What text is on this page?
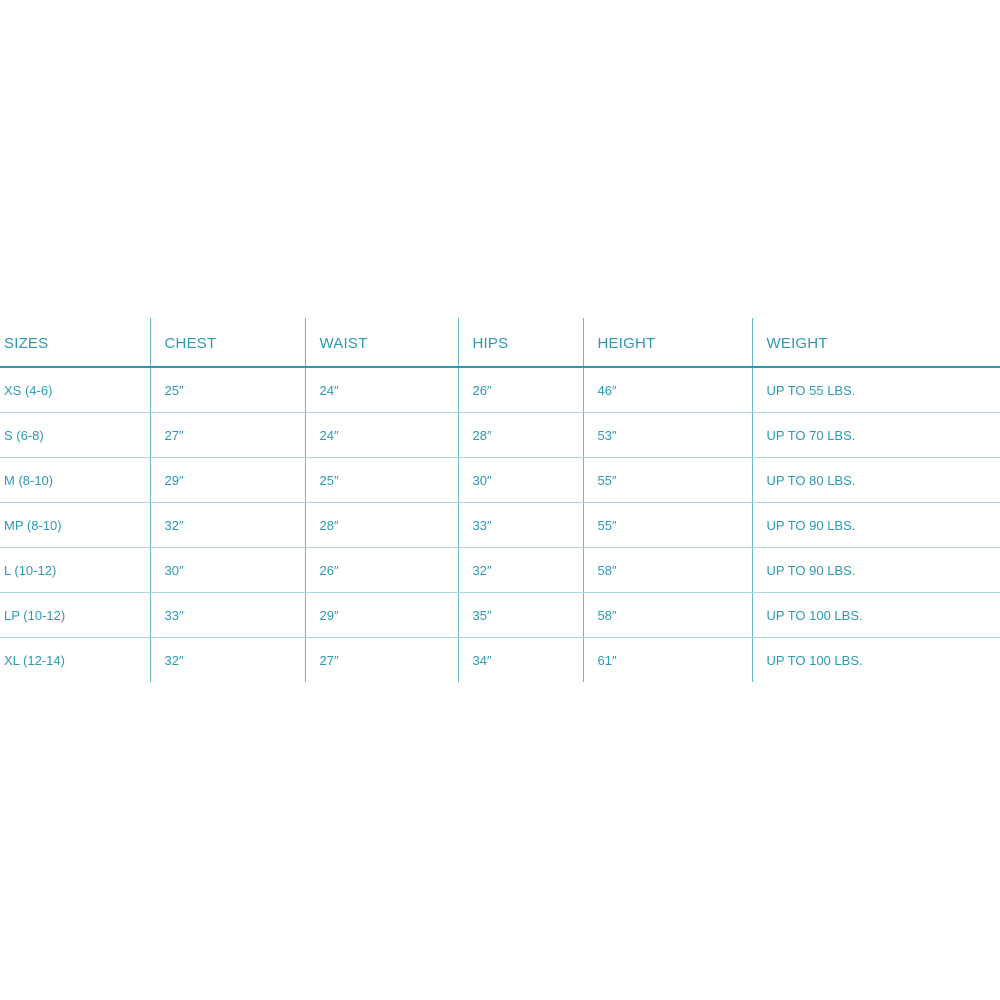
SIZES	CHEST	WAIST	HIPS	HEIGHT	WEIGHT
XS (4-6)	25″	24″	26″	46″	UP TO 55 LBS.
S (6-8)	27″	24″	28″	53″	UP TO 70 LBS.
M (8-10)	29″	25″	30″	55″	UP TO 80 LBS.
MP (8-10)	32″	28″	33″	55″	UP TO 90 LBS.
L (10-12)	30″	26″	32″	58″	UP TO 90 LBS.
LP (10-12)	33″	29″	35″	58″	UP TO 100 LBS.
XL (12-14)	32″	27″	34″	61″	UP TO 100 LBS.
